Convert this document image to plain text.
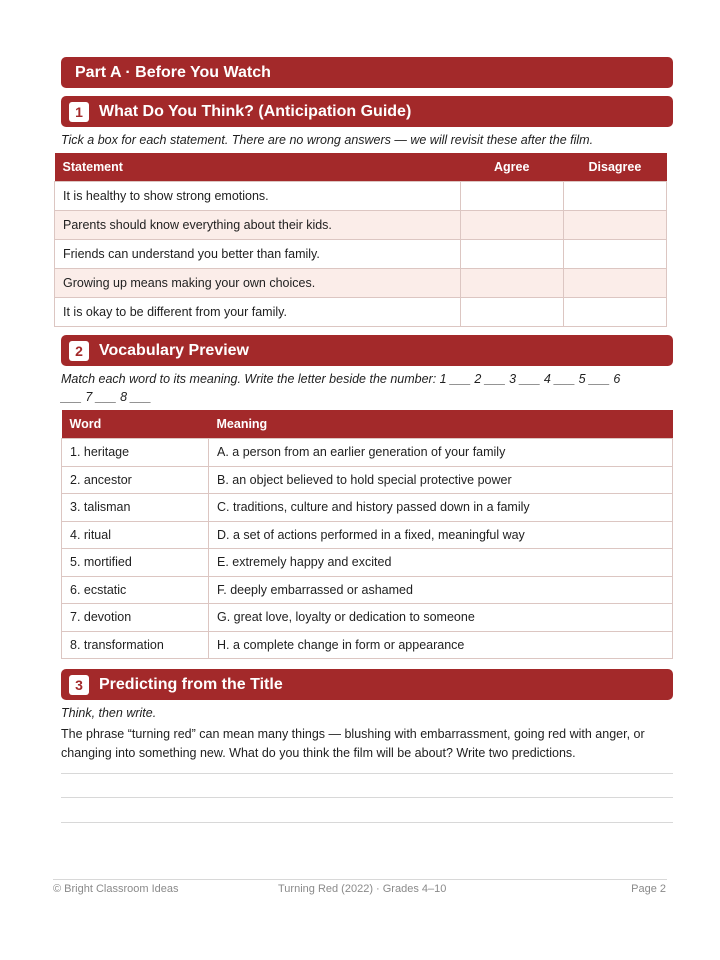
Part A · Before You Watch
1	What Do You Think? (Anticipation Guide)
Tick a box for each statement. There are no wrong answers — we will revisit these after the film.
Statement	Agree	Disagree
It is healthy to show strong emotions.		
Parents should know everything about their kids.		
Friends can understand you better than family.		
Growing up means making your own choices.		
It is okay to be different from your family.		
2	Vocabulary Preview
Match each word to its meaning. Write the letter beside the number: 1 ___ 2 ___ 3 ___ 4 ___ 5 ___ 6
___ 7 ___ 8 ___
Word	Meaning
1. heritage	A. a person from an earlier generation of your family
2. ancestor	B. an object believed to hold special protective power
3. talisman	C. traditions, culture and history passed down in a family
4. ritual	D. a set of actions performed in a fixed, meaningful way
5. mortified	E. extremely happy and excited
6. ecstatic	F. deeply embarrassed or ashamed
7. devotion	G. great love, loyalty or dedication to someone
8. transformation	H. a complete change in form or appearance
3	Predicting from the Title
Think, then write.
The phrase “turning red” can mean many things — blushing with embarrassment, going red with anger, or changing into something new. What do you think the film will be about? Write two predictions.
© Bright Classroom Ideas	Turning Red (2022) · Grades 4–10	Page 2
